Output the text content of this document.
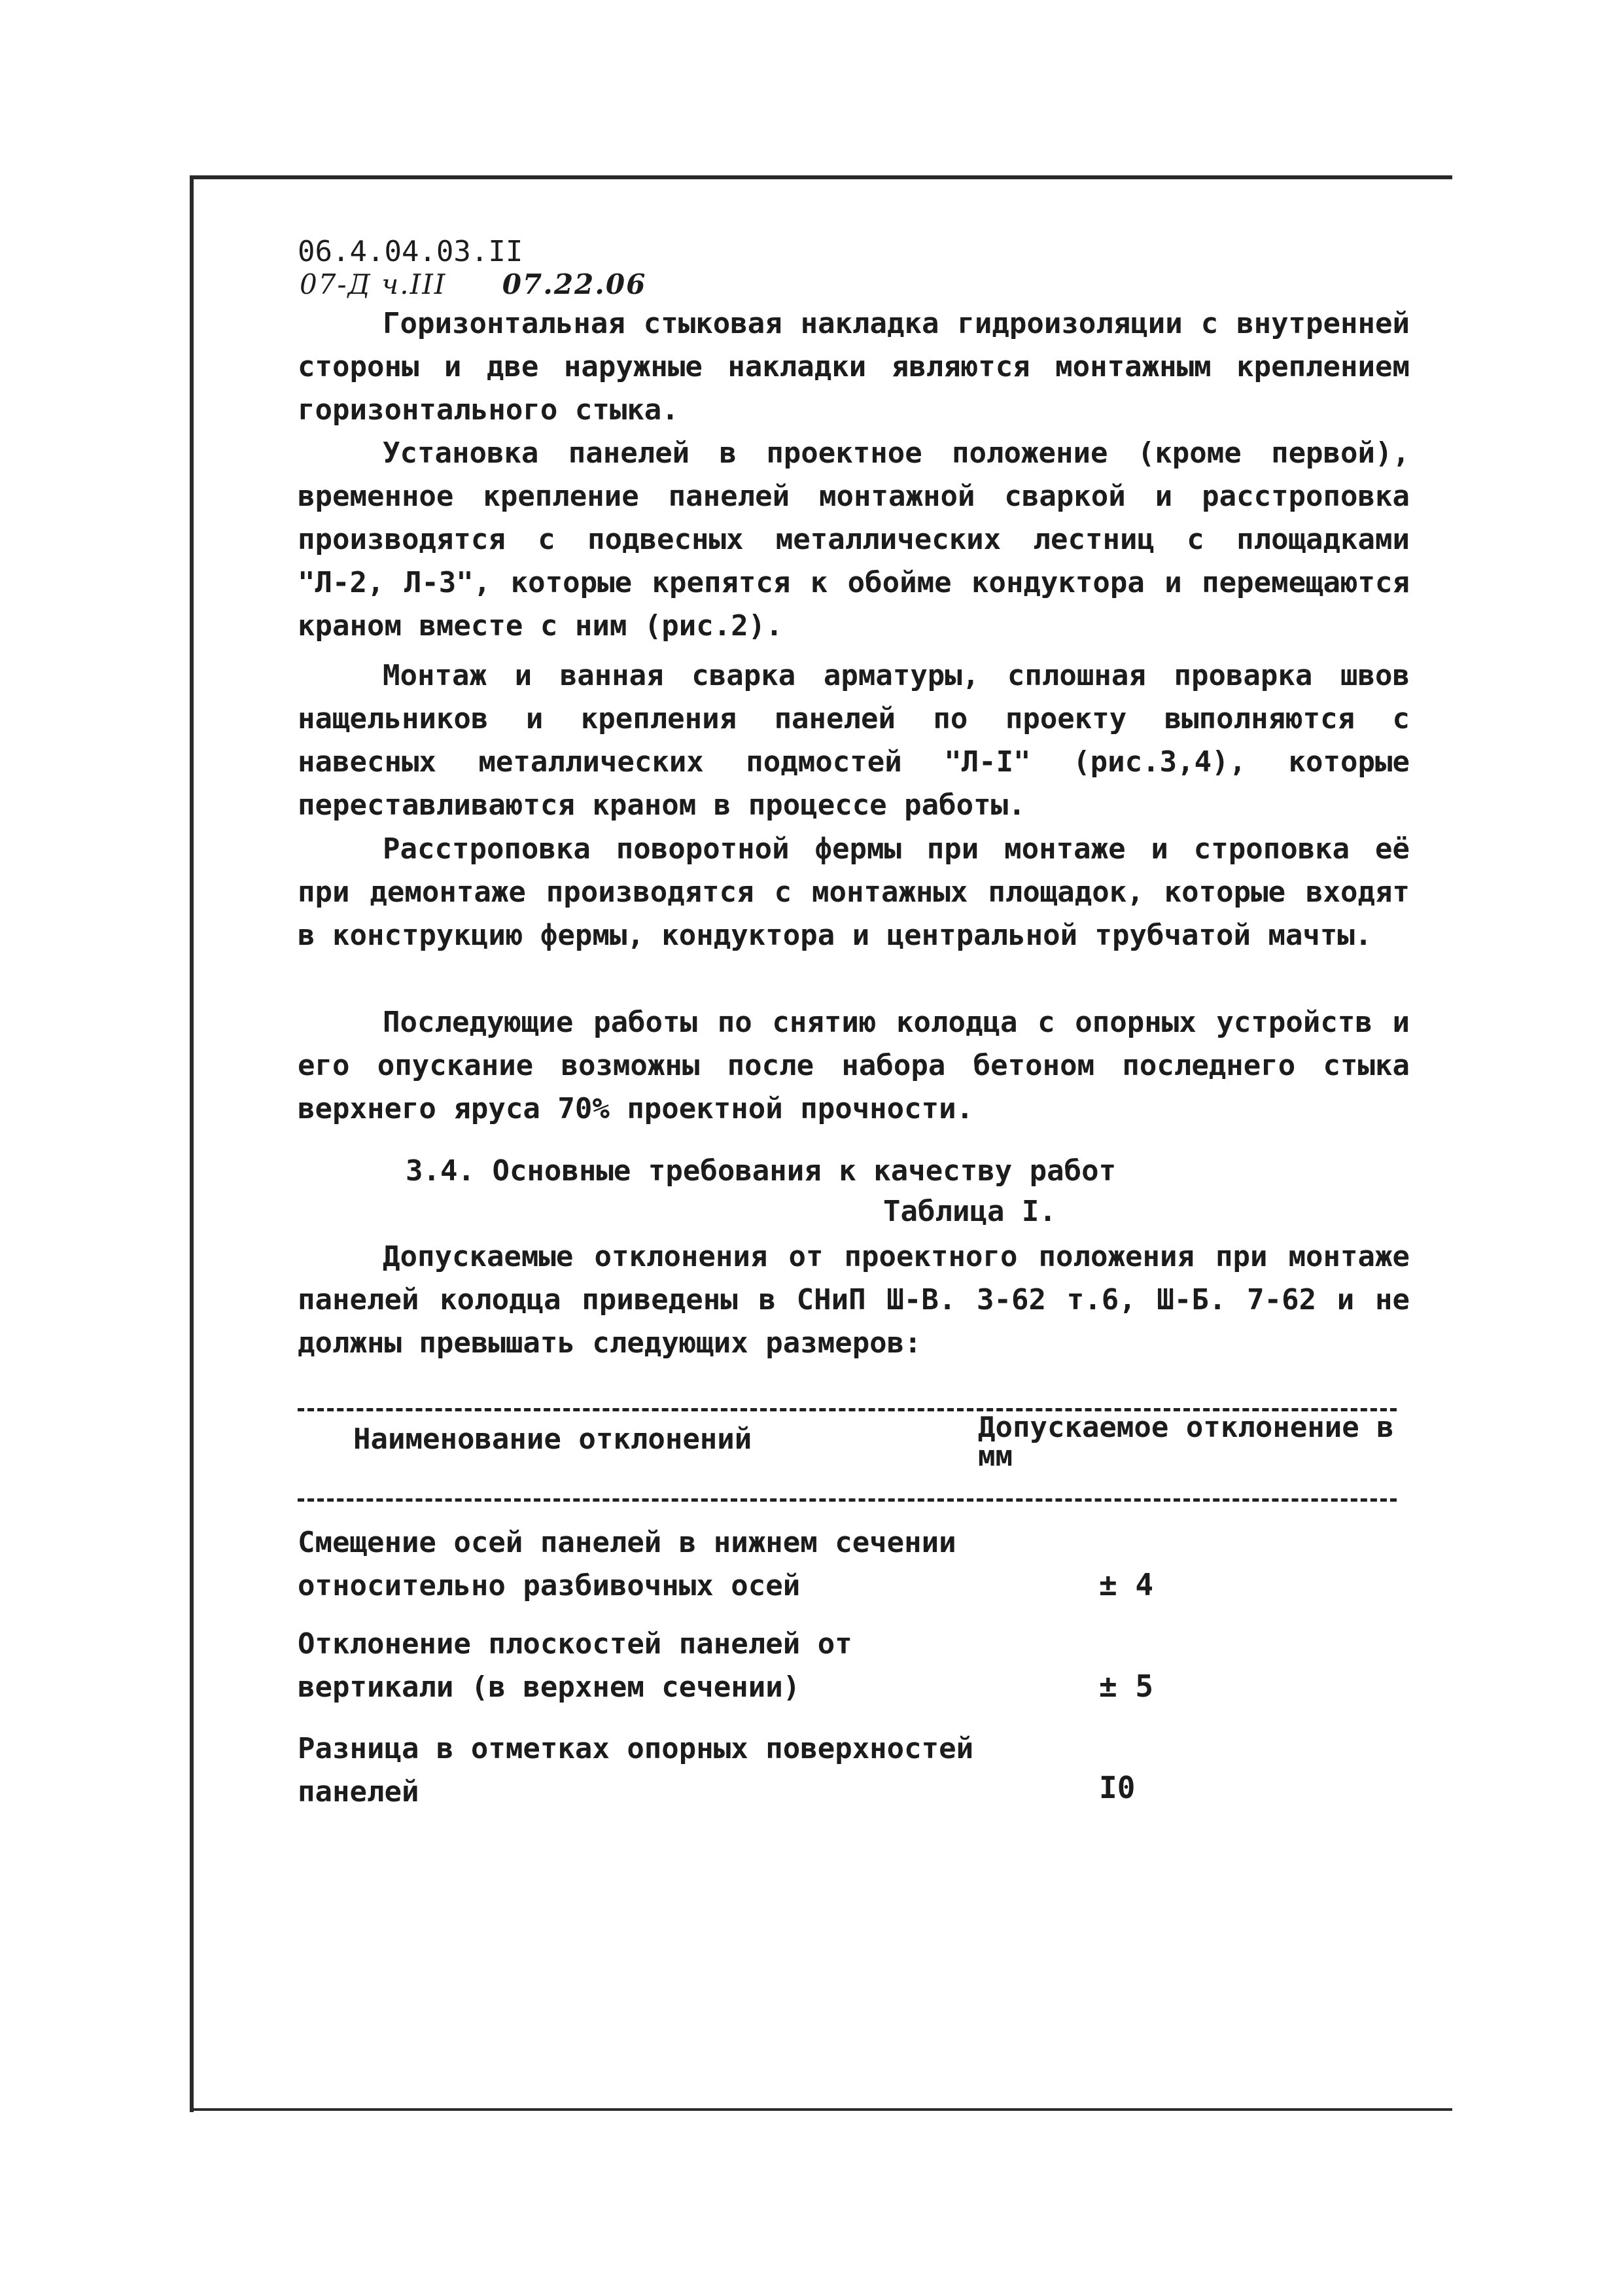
06.4.04.03.II
07-Д ч.III 07.22.06

Горизонтальная стыковая накладка гидроизоляции с внутренней стороны и две наружные накладки являются монтажным креплением горизонтального стыка.

Установка панелей в проектное положение (кроме первой), временное крепление панелей монтажной сваркой и расстроповка производятся с подвесных металлических лестниц с площадками "Л-2, Л-3", которые крепятся к обойме кондуктора и перемещаются краном вместе с ним (рис.2).

Монтаж и ванная сварка арматуры, сплошная проварка швов нащельников и крепления панелей по проекту выполняются с навесных металлических подмостей "Л-I" (рис.3,4), которые переставливаются краном в процессе работы.

Расстроповка поворотной фермы при монтаже и строповка её при демонтаже производятся с монтажных площадок, которые входят в конструкцию фермы, кондуктора и центральной трубчатой мачты.

Последующие работы по снятию колодца с опорных устройств и его опускание возможны после набора бетоном последнего стыка верхнего яруса 70% проектной прочности.

3.4. Основные требования к качеству работ
Таблица I.

Допускаемые отклонения от проектного положения при монтаже панелей колодца приведены в СНиП Ш-В. 3-62 т.6, Ш-Б. 7-62 и не должны превышать следующих размеров:

Наименование отклонений	Допускаемое отклонение в мм
Смещение осей панелей в нижнем сечении относительно разбивочных осей	± 4
Отклонение плоскостей панелей от вертикали (в верхнем сечении)	± 5
Разница в отметках опорных поверхностей панелей	I0
